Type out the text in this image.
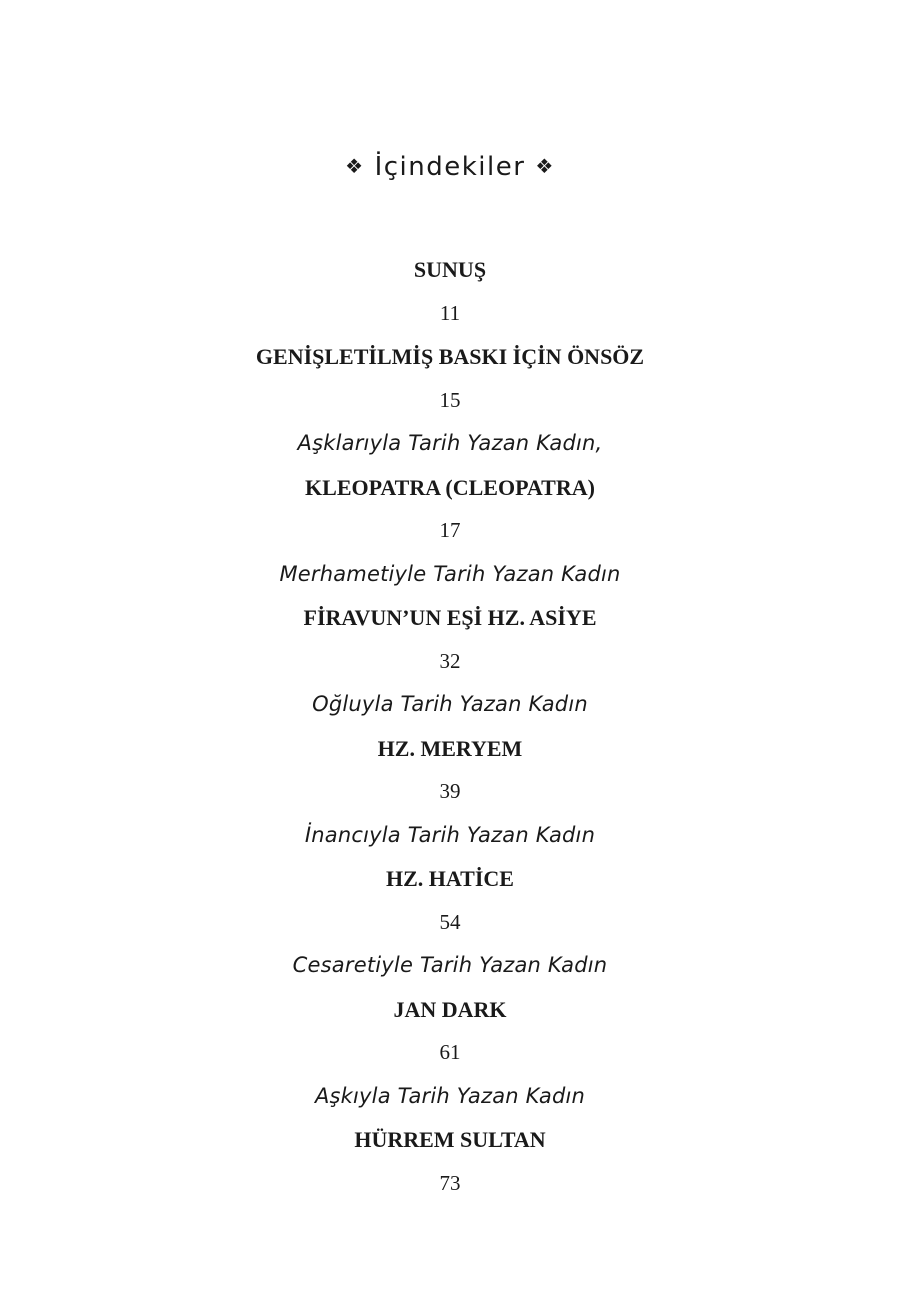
❖ İçindekiler ❖
SUNUŞ
11
GENİŞLETİLMİŞ BASKI İÇİN ÖNSÖZ
15
Aşklarıyla Tarih Yazan Kadın,
KLEOPATRA (CLEOPATRA)
17
Merhametiyle Tarih Yazan Kadın
FİRAVUN’UN EŞİ HZ. ASİYE
32
Oğluyla Tarih Yazan Kadın
HZ. MERYEM
39
İnancıyla Tarih Yazan Kadın
HZ. HATİCE
54
Cesaretiyle Tarih Yazan Kadın
JAN DARK
61
Aşkıyla Tarih Yazan Kadın
HÜRREM SULTAN
73
